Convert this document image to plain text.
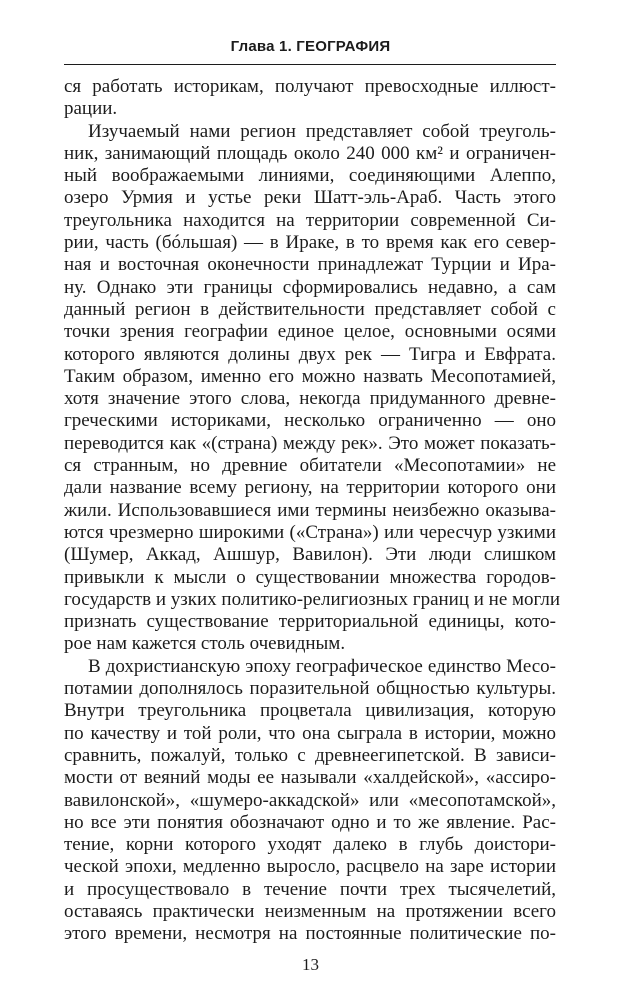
Глава 1. ГЕОГРАФИЯ
ся работать историкам, получают превосходные иллюст-
рации.
Изучаемый нами регион представляет собой треуголь-
ник, занимающий площадь около 240 000 км² и ограничен-
ный воображаемыми линиями, соединяющими Алеппо,
озеро Урмия и устье реки Шатт-эль-Араб. Часть этого
треугольника находится на территории современной Си-
рии, часть (бóльшая) — в Ираке, в то время как его север-
ная и восточная оконечности принадлежат Турции и Ира-
ну. Однако эти границы сформировались недавно, а сам
данный регион в действительности представляет собой с
точки зрения географии единое целое, основными осями
которого являются долины двух рек — Тигра и Евфрата.
Таким образом, именно его можно назвать Месопотамией,
хотя значение этого слова, некогда придуманного древне-
греческими историками, несколько ограниченно — оно
переводится как «(страна) между рек». Это может показать-
ся странным, но древние обитатели «Месопотамии» не
дали название всему региону, на территории которого они
жили. Использовавшиеся ими термины неизбежно оказыва-
ются чрезмерно широкими («Страна») или чересчур узкими
(Шумер, Аккад, Ашшур, Вавилон). Эти люди слишком
привыкли к мысли о существовании множества городов-
государств и узких политико-религиозных границ и не могли
признать существование территориальной единицы, кото-
рое нам кажется столь очевидным.
В дохристианскую эпоху географическое единство Месо-
потамии дополнялось поразительной общностью культуры.
Внутри треугольника процветала цивилизация, которую
по качеству и той роли, что она сыграла в истории, можно
сравнить, пожалуй, только с древнеегипетской. В зависи-
мости от веяний моды ее называли «халдейской», «ассиро-
вавилонской», «шумеро-аккадской» или «месопотамской»,
но все эти понятия обозначают одно и то же явление. Рас-
тение, корни которого уходят далеко в глубь доистори-
ческой эпохи, медленно выросло, расцвело на заре истории
и просуществовало в течение почти трех тысячелетий,
оставаясь практически неизменным на протяжении всего
этого времени, несмотря на постоянные политические по-
13
